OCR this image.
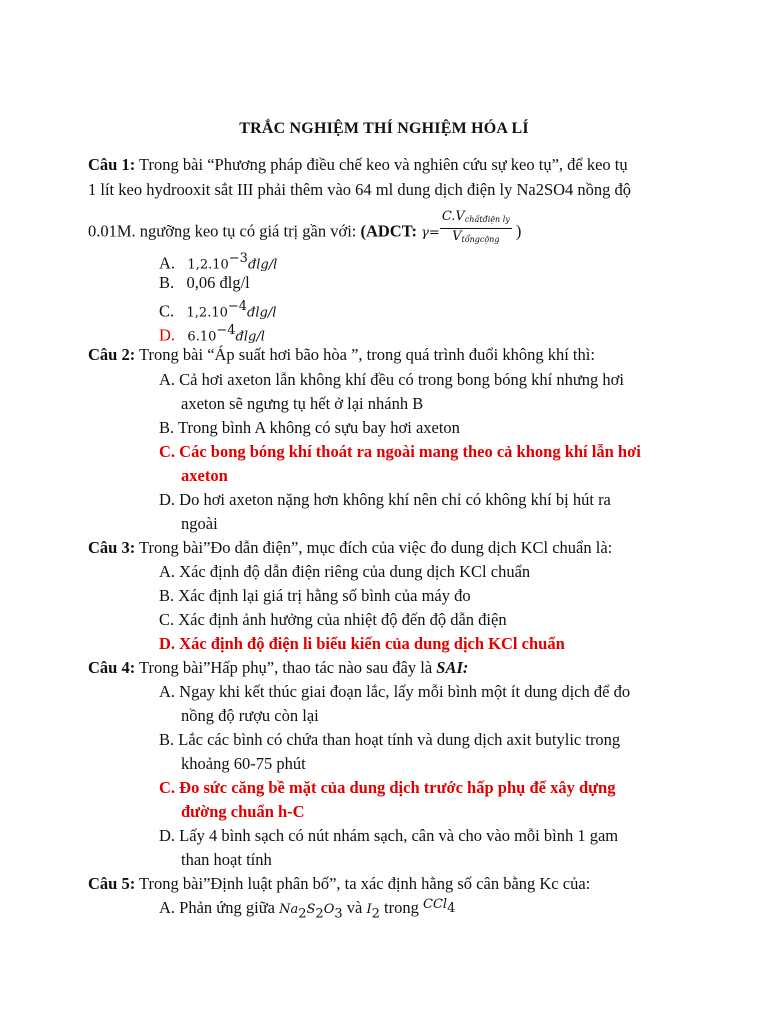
TRẮC NGHIỆM THÍ NGHIỆM HÓA LÍ
Câu 1: Trong bài “Phương pháp điều chế keo và nghiên cứu sự keo tụ”, để keo tụ
1 lít keo hydrooxit sắt III phải thêm vào 64 ml dung dịch điện ly Na2SO4 nồng độ
0.01M. ngưỡng keo tụ có giá trị gần với: (ADCT: $\gamma= \frac{\text{C.Vchấtđiện ly}}{\text{Vtổngcộng}}$ )
A. $1,2.10^{-3}đ\lg/l$
B. 0,06 đlg/l
C. $1,2.10^{-4}đ\lg/l$
D. $6.10^{-4}đ\lg/l$
Câu 2: Trong bài “Áp suất hơi bão hòa ”, trong quá trình đuổi không khí thì:
A. Cả hơi axeton lẫn không khí đều có trong bong bóng khí nhưng hơi
axeton sẽ ngưng tụ hết ở lại nhánh B
B. Trong bình A không có sựu bay hơi axeton
C. Các bong bóng khí thoát ra ngoài mang theo cả khong khí lẫn hơi
axeton
D. Do hơi axeton nặng hơn không khí nên chỉ có không khí bị hút ra
ngoài
Câu 3: Trong bài”Đo dẫn điện”, mục đích của việc đo dung dịch KCl chuẩn là:
A. Xác định độ dẫn điện riêng của dung dịch KCl chuẩn
B. Xác định lại giá trị hằng số bình của máy đo
C. Xác định ảnh hưởng của nhiệt độ đến độ dẫn điện
D. Xác định độ điện li biểu kiến của dung dịch KCl chuẩn
Câu 4: Trong bài”Hấp phụ”, thao tác nào sau đây là SAI:
A. Ngay khi kết thúc giai đoạn lắc, lấy mỗi bình một ít dung dịch để đo
nồng độ rượu còn lại
B. Lắc các bình có chứa than hoạt tính và dung dịch axit butylic trong
khoảng 60-75 phút
C. Đo sức căng bề mặt của dung dịch trước hấp phụ để xây dựng
đường chuẩn h-C
D. Lấy 4 bình sạch có nút nhám sạch, cân và cho vào mỗi bình 1 gam
than hoạt tính
Câu 5: Trong bài”Định luật phân bố”, ta xác định hằng số cân bằng Kc của:
A. Phản ứng giữa $Na_2S_2O_3$ và $I_2$ trong $^{CCl}_4$
